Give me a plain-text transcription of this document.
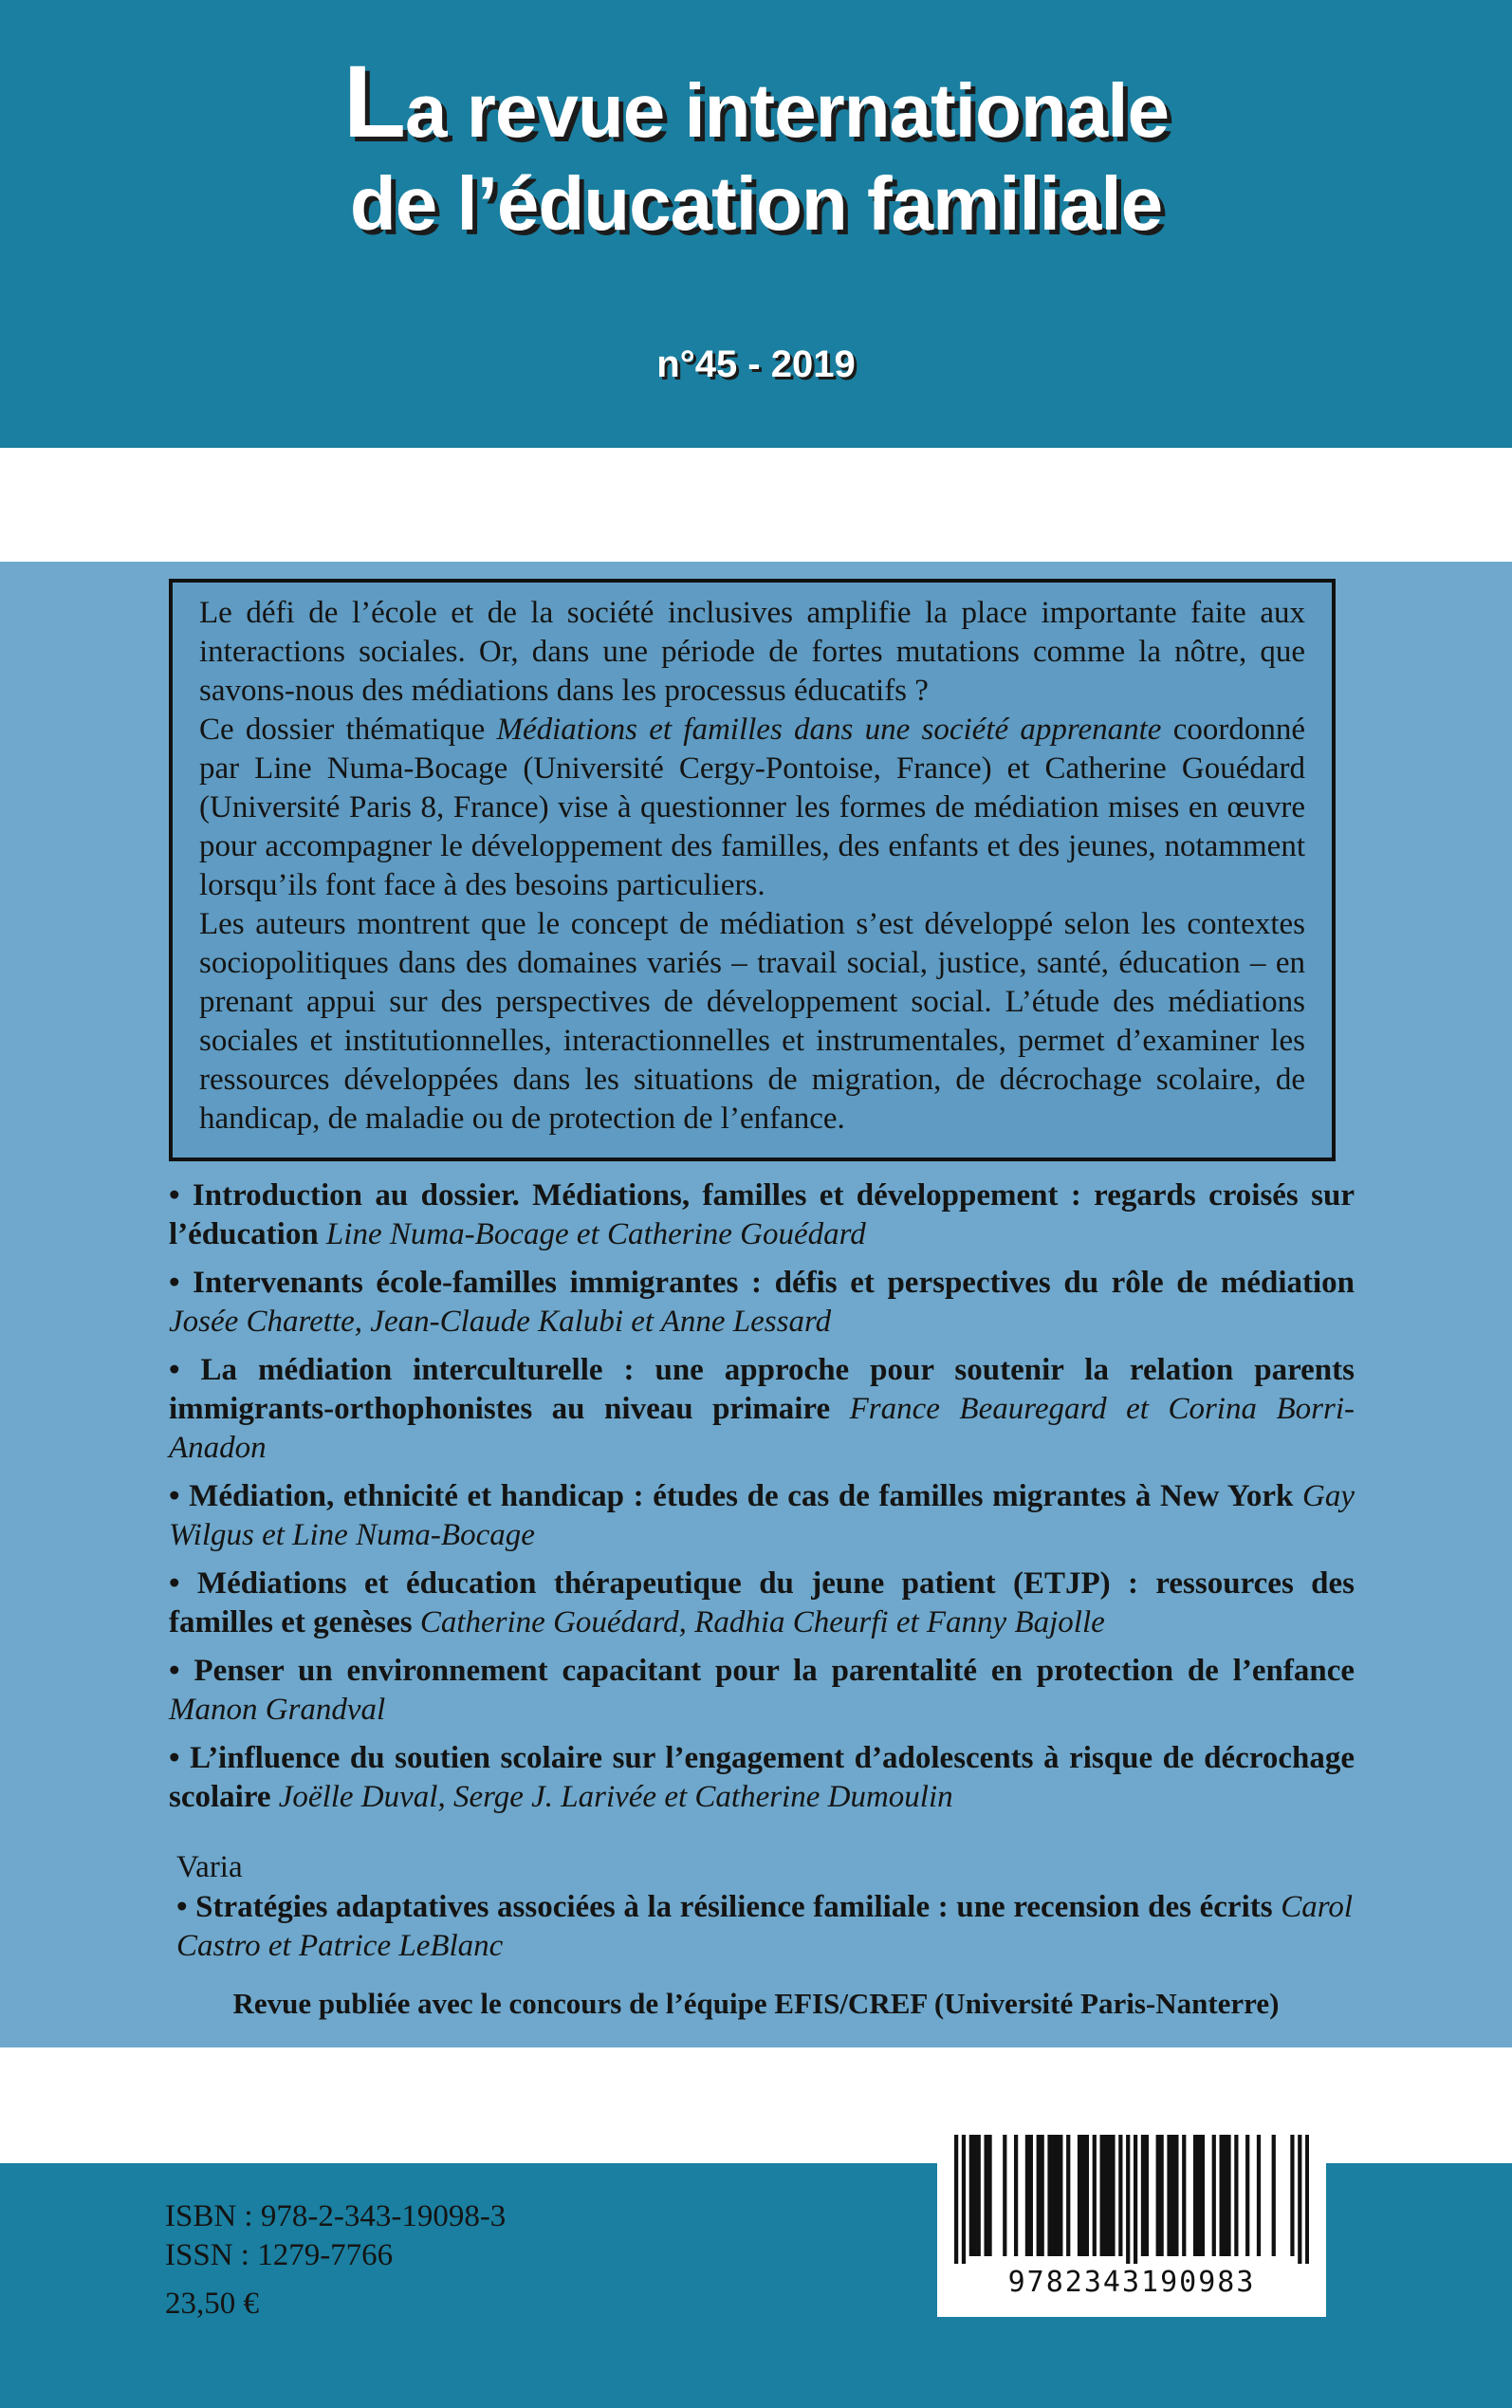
La revue internationale
de l’éducation familiale
n°45 - 2019

Le défi de l’école et de la société inclusives amplifie la place importante faite aux interactions sociales. Or, dans une période de fortes mutations comme la nôtre, que savons-nous des médiations dans les processus éducatifs ?

Ce dossier thématique Médiations et familles dans une société apprenante coordonné par Line Numa-Bocage (Université Cergy-Pontoise, France) et Catherine Gouédard (Université Paris 8, France) vise à questionner les formes de médiation mises en œuvre pour accompagner le développement des familles, des enfants et des jeunes, notamment lorsqu’ils font face à des besoins particuliers.

Les auteurs montrent que le concept de médiation s’est développé selon les contextes sociopolitiques dans des domaines variés – travail social, justice, santé, éducation – en prenant appui sur des perspectives de développement social. L’étude des médiations sociales et institutionnelles, interactionnelles et instrumentales, permet d’examiner les ressources développées dans les situations de migration, de décrochage scolaire, de handicap, de maladie ou de protection de l’enfance.

• Introduction au dossier. Médiations, familles et développement : regards croisés sur l’éducation Line Numa-Bocage et Catherine Gouédard
• Intervenants école-familles immigrantes : défis et perspectives du rôle de médiation Josée Charette, Jean-Claude Kalubi et Anne Lessard
• La médiation interculturelle : une approche pour soutenir la relation parents immigrants-orthophonistes au niveau primaire France Beauregard et Corina Borri-Anadon
• Médiation, ethnicité et handicap : études de cas de familles migrantes à New York Gay Wilgus et Line Numa-Bocage
• Médiations et éducation thérapeutique du jeune patient (ETJP) : ressources des familles et genèses Catherine Gouédard, Radhia Cheurfi et Fanny Bajolle
• Penser un environnement capacitant pour la parentalité en protection de l’enfance Manon Grandval
• L’influence du soutien scolaire sur l’engagement d’adolescents à risque de décrochage scolaire Joëlle Duval, Serge J. Larivée et Catherine Dumoulin
Varia
• Stratégies adaptatives associées à la résilience familiale : une recension des écrits Carol Castro et Patrice LeBlanc
Revue publiée avec le concours de l’équipe EFIS/CREF (Université Paris-Nanterre)
ISBN : 978-2-343-19098-3
ISSN : 1279-7766
23,50 €
9782343190983
